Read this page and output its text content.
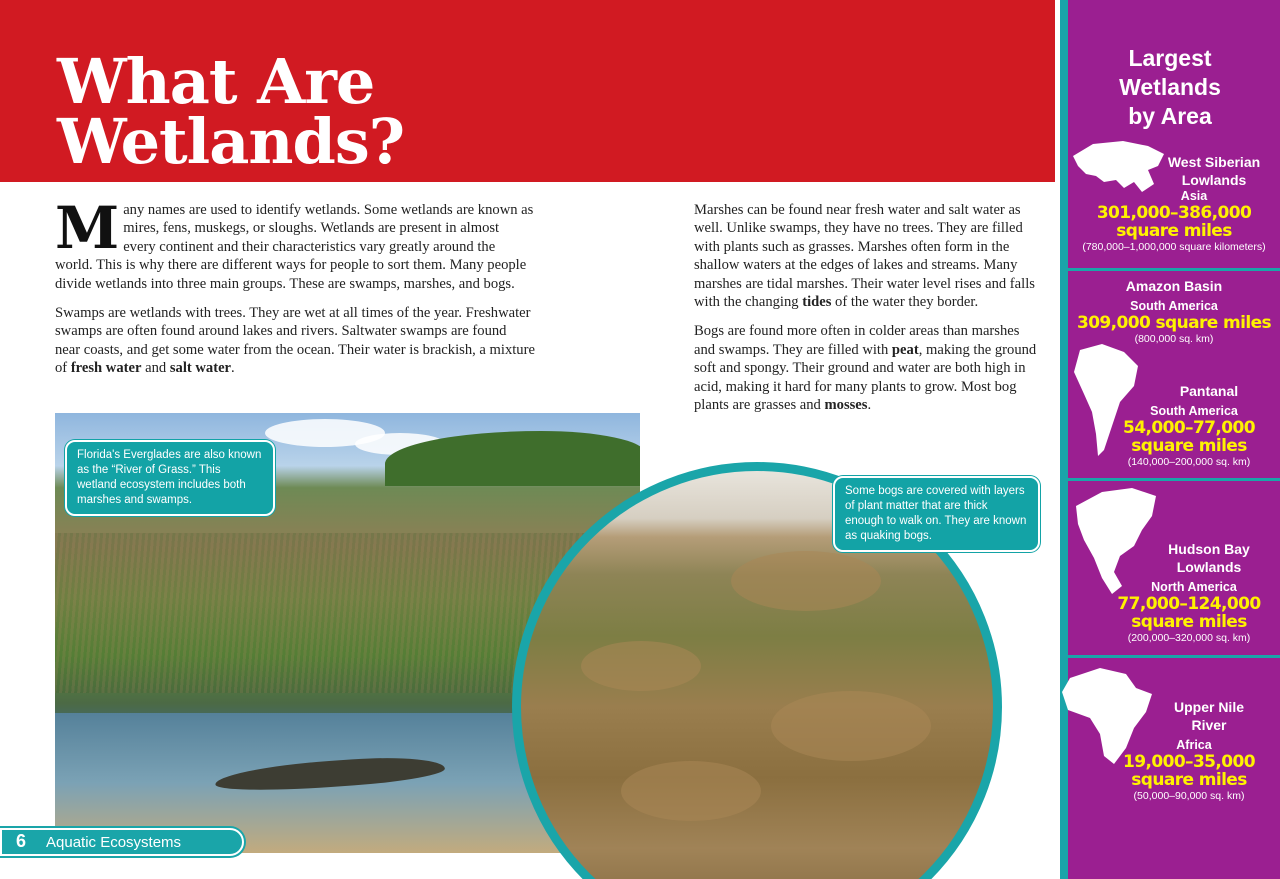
What Are
Wetlands?

Many names are used to identify wetlands. Some wetlands are known as mires, fens, muskegs, or sloughs. Wetlands are present in almost every continent and their characteristics vary greatly around the world. This is why there are different ways for people to sort them. Many people divide wetlands into three main groups. These are swamps, marshes, and bogs.

Swamps are wetlands with trees. They are wet at all times of the year. Freshwater swamps are often found around lakes and rivers. Saltwater swamps are found near coasts, and get some water from the ocean. Their water is brackish, a mixture of fresh water and salt water.

Marshes can be found near fresh water and salt water as well. Unlike swamps, they have no trees. They are filled with plants such as grasses. Marshes often form in the shallow waters at the edges of lakes and streams. Many marshes are tidal marshes. Their water level rises and falls with the changing tides of the water they border.

Bogs are found more often in colder areas than marshes and swamps. They are filled with peat, making the ground soft and spongy. Their ground and water are both high in acid, making it hard for many plants to grow. Most bog plants are grasses and mosses.

Florida's Everglades are also known as the “River of Grass.” This wetland ecosystem includes both marshes and swamps.
Some bogs are covered with layers of plant matter that are thick enough to walk on. They are known as quaking bogs.
Aquatic Ecosystems
6
Largest
Wetlands
by Area
West Siberian Lowlands
Asia
301,000–386,000
square miles
(780,000–1,000,000 square kilometers)
Amazon Basin
South America
309,000 square miles
(800,000 sq. km)
Pantanal
South America
54,000–77,000
square miles
(140,000–200,000 sq. km)
Hudson Bay
Lowlands
North America
77,000–124,000
square miles
(200,000–320,000 sq. km)
Upper Nile
River
Africa
19,000–35,000
square miles
(50,000–90,000 sq. km)
